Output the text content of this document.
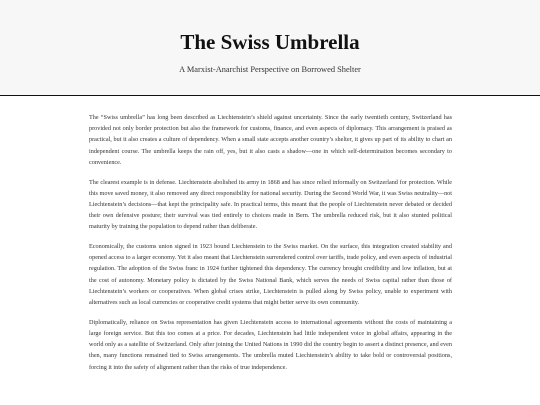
The Swiss Umbrella
A Marxist-Anarchist Perspective on Borrowed Shelter

The “Swiss umbrella” has long been described as Liechtenstein’s shield against uncertainty. Since the early twentieth century, Switzerland has provided not only border protection but also the framework for customs, finance, and even aspects of diplomacy. This arrangement is praised as practical, but it also creates a culture of dependency. When a small state accepts another country’s shelter, it gives up part of its ability to chart an independent course. The umbrella keeps the rain off, yes, but it also casts a shadow—one in which self-determination becomes secondary to convenience.

The clearest example is in defense. Liechtenstein abolished its army in 1868 and has since relied informally on Switzerland for protection. While this move saved money, it also removed any direct responsibility for national security. During the Second World War, it was Swiss neutrality—not Liechtenstein’s decisions—that kept the principality safe. In practical terms, this meant that the people of Liechtenstein never debated or decided their own defensive posture; their survival was tied entirely to choices made in Bern. The umbrella reduced risk, but it also stunted political maturity by training the population to depend rather than deliberate.

Economically, the customs union signed in 1923 bound Liechtenstein to the Swiss market. On the surface, this integration created stability and opened access to a larger economy. Yet it also meant that Liechtenstein surrendered control over tariffs, trade policy, and even aspects of industrial regulation. The adoption of the Swiss franc in 1924 further tightened this dependency. The currency brought credibility and low inflation, but at the cost of autonomy. Monetary policy is dictated by the Swiss National Bank, which serves the needs of Swiss capital rather than those of Liechtenstein’s workers or cooperatives. When global crises strike, Liechtenstein is pulled along by Swiss policy, unable to experiment with alternatives such as local currencies or cooperative credit systems that might better serve its own community.

Diplomatically, reliance on Swiss representation has given Liechtenstein access to international agreements without the costs of maintaining a large foreign service. But this too comes at a price. For decades, Liechtenstein had little independent voice in global affairs, appearing in the world only as a satellite of Switzerland. Only after joining the United Nations in 1990 did the country begin to assert a distinct presence, and even then, many functions remained tied to Swiss arrangements. The umbrella muted Liechtenstein’s ability to take bold or controversial positions, forcing it into the safety of alignment rather than the risks of true independence.
